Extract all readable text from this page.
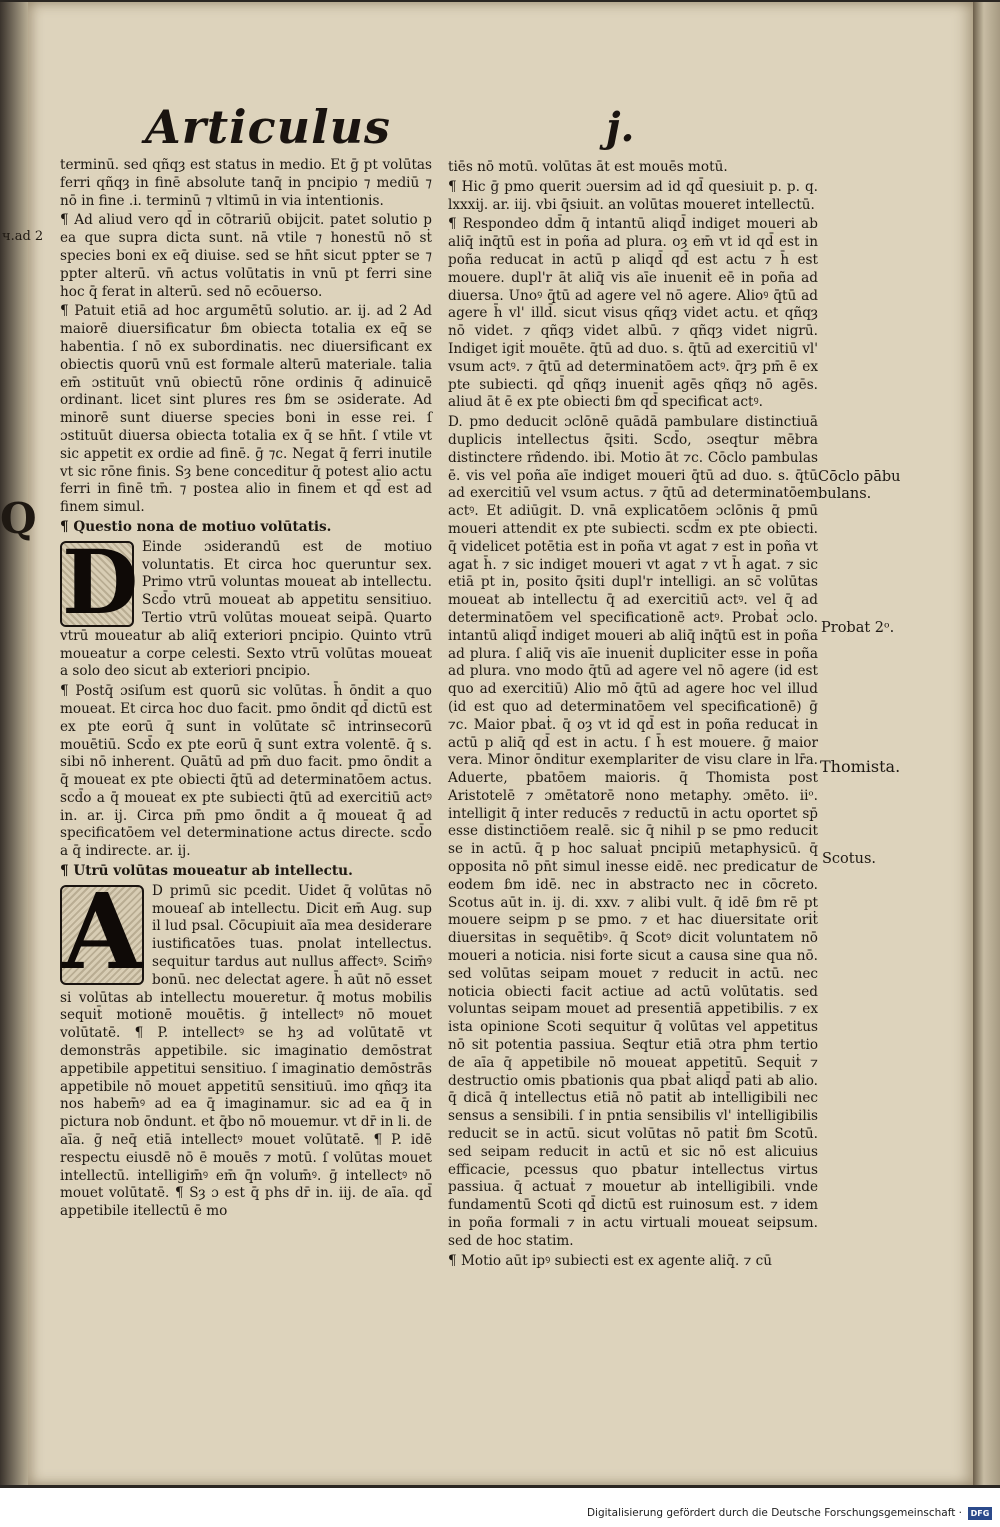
Articulus	j.
ч.ad 2
Q

terminū. sed qñqȝ est status in medio. Et ḡ pt volūtas ferri qñqȝ in finē absolute tanq̄ in pncipio ⁊ mediū ⁊ nō in fine .i. terminū ⁊ vltimū in via intentionis.

¶ Ad aliud vero qd̄ in cōtrariū obijcit. patet solutio p ea que supra dicta sunt. nā vtile ⁊ honestū nō sṫ species boni ex eq̄ diuise. sed se hn̄t sicut ppter se ⁊ ppter alterū. vn̄ actus volūtatis in vnū pt ferri sine hoc q̄ ferat in alterū. sed nō ecōuerso.

¶ Patuit etiā ad hoc argumētū solutio. ar. ij. ad 2 Ad maiorē diuersificatur ɓm obiecta totalia ex eq̄ se habentia. ſ nō ex subordinatis. nec diuersificant ex obiectis quorū vnū est formale alterū materiale. talia em̄ ɔstituūt vnū obiectū rōne ordinis q̄ adinuicē ordinant. licet sint plures res ɓm se ɔsiderate. Ad minorē sunt diuerse species boni in esse rei. ſ ɔstituūt diuersa obiecta totalia ex q̄ se hn̄t. ſ vtile vt sic appetit ex ordie ad finē. ḡ ⁊c. Negat q̄ ferri inutile vt sic rōne finis. Sȝ bene conceditur q̄ potest alio actu ferri in finē tm̄. ⁊ postea alio in finem et qd̄ est ad finem simul.

¶ Questio nona de motiuo volūtatis.

D Einde ɔsiderandū est de motiuo voluntatis. Et circa hoc queruntur sex. Primo vtrū voluntas moueat ab intellectu. Scd̄o vtrū moueat ab appetitu sensitiuo. Tertio vtrū volūtas moueat seipā. Quarto vtrū moueatur ab aliq̄ exteriori pncipio. Quinto vtrū moueatur a corpe celesti. Sexto vtrū volūtas moueat a solo deo sicut ab exteriori pncipio.

¶ Postq̄ ɔsiſum est quorū sic volūtas. h̄ ōndit a quo moueat. Et circa hoc duo facit. pmo ōndit qd̄ dictū est ex pte eorū q̄ sunt in volūtate sc̄ intrinsecorū mouētiū. Scd̄o ex pte eorū q̄ sunt extra volentē. q̄ s. sibi nō inherent. Quātū ad pm̄ duo facit. pmo ōndit a q̄ moueat ex pte obiecti q̄tū ad determinatōem actus. scd̄o a q̄ moueat ex pte subiecti q̄tū ad exercitiū actꝰ in. ar. ij. Circa pm̄ pmo ōndit a q̄ moueat q̄ ad specificatōem vel determinatione actus directe. scd̄o a q̄ indirecte. ar. ij.

¶ Utrū volūtas moueatur ab intellectu.

A D primū sic pcedit. Uidet q̄ volūtas nō moueaſ ab intellectu. Dicit em̄ Aug. sup il lud psal. Cōcupiuit aīa mea desiderare iustificatōes tuas. pnolat intellectus. sequitur tardus aut nullus affectꝰ. Scim̄ꝰ bonū. nec delectat agere. h̄ aūt nō esset si volūtas ab intellectu moueretur. q̄ motus mobilis sequit̄ motionē mouētis. ḡ intellectꝰ nō mouet volūtatē. ¶ P. intellectꝰ se hȝ ad volūtatē vt demonstrās appetibile. sic imaginatio demōstrat appetibile appetitui sensitiuo. ſ imaginatio demōstrās appetibile nō mouet appetitū sensitiuū. imo qñqȝ ita nos habem̄ꝰ ad ea q̄ imaginamur. sic ad ea q̄ in pictura nob ōndunt. et q̄bo nō mouemur. vt dr̄ in li. de aīa. ḡ neq̄ etiā intellectꝰ mouet volūtatē. ¶ P. idē respectu eiusdē nō ē mouēs ⁊ motū. ſ volūtas mouet intellectū. intelligim̄ꝰ em̄ q̄n volum̄ꝰ. ḡ intellectꝰ nō mouet volūtatē. ¶ Sȝ ɔ est q̄ phs dr̄ in. iij. de aīa. qd̄ appetibile itellectū ē mo

tiēs nō motū. volūtas āt est mouēs motū.

¶ Hic ḡ pmo querit ɔuersim ad id qd̄ quesiuit p. p. q. lxxxij. ar. iij. vbi q̄siuit. an volūtas moueret intellectū.

¶ Respondeo dd̄m q̄ intantū aliqd̄ indiget moueri ab aliq̄ inq̄tū est in poña ad plura. oȝ em̄ vt id qd̄ est in poña reducat in actū p aliqd̄ qd̄ est actu ⁊ h̄ est mouere. dupl'r āt aliq̄ vis aīe inueniṫ eē in poña ad diuersa. Unoꝰ q̄tū ad agere vel nō agere. Alioꝰ q̄tū ad agere h̄ vl' illd̄. sicut visus qñqȝ videt actu. et qñqȝ nō videt. ⁊ qñqȝ videt albū. ⁊ qñqȝ videt nigrū. Indiget igiṫ mouēte. q̄tū ad duo. s. q̄tū ad exercitiū vl' vsum actꝰ. ⁊ q̄tū ad determinatōem actꝰ. q̄rȝ pm̄ ē ex pte subiecti. qd̄ qñqȝ inueniṫ agēs qñqȝ nō agēs. aliud āt ē ex pte obiecti ɓm qd̄ specificat actꝰ.

D. pmo deducit ɔclōnē quādā pambulare distinctiuā duplicis intellectus q̄siti. Scd̄o, ɔseqtur mēbra distinctere rñdendo. ibi. Motio āt ⁊c. Cōclo pambulas ē. vis vel poña aīe indiget moueri q̄tū ad duo. s. q̄tū ad exercitiū vel vsum actus. ⁊ q̄tū ad determinatōem actꝰ. Et adiūgit. D. vnā explicatōem ɔclōnis q̄ pmū moueri attendit ex pte subiecti. scd̄m ex pte obiecti. q̄ videlicet potētia est in poña vt agat ⁊ est in poña vt agat h̄. ⁊ sic indiget moueri vt agat ⁊ vt h̄ agat. ⁊ sic etiā pt in, posito q̄siti dupl'r intelligi. an sc̄ volūtas moueat ab intellectu q̄ ad exercitiū actꝰ. vel q̄ ad determinatōem vel specificationē actꝰ. Probaṫ ɔclo. intantū aliqd̄ indiget moueri ab aliq̄ inq̄tū est in poña ad plura. ſ aliq̄ vis aīe inueniṫ dupliciter esse in poña ad plura. vno modo q̄tū ad agere vel nō agere (id est quo ad exercitiū) Alio mō q̄tū ad agere hoc vel illud (id est quo ad determinatōem vel specificationē) ḡ ⁊c. Maior pbaṫ. q̄ oȝ vt id qd̄ est in poña reducaṫ in actū p aliq̄ qd̄ est in actu. ſ h̄ est mouere. ḡ maior vera. Minor ōnditur exemplariter de visu clare in lr̄a. Aduerte, pbatōem maioris. q̄ Thomista post Aristotelē ⁊ ɔmētatorē nono metaphy. ɔmēto. iiᵒ. intelligit q̄ inter reducēs ⁊ reductū in actu oportet sp̄ esse distinctiōem realē. sic q̄ nihil p se pmo reducit se in actū. q̄ p hoc saluaṫ pncipiū metaphysicū. q̄ opposita nō pn̄t simul inesse eidē. nec predicatur de eodem ɓm idē. nec in abstracto nec in cōcreto. Scotus aūt in. ij. di. xxv. ⁊ alibi vult. q̄ idē ɓm rē pt mouere seipm p se pmo. ⁊ et hac diuersitate oriṫ diuersitas in sequētibꝰ. q̄ Scotꝰ dicit voluntatem nō moueri a noticia. nisi forte sicut a causa sine qua nō. sed volūtas seipam mouet ⁊ reducit in actū. nec noticia obiecti facit actiue ad actū volūtatis. sed voluntas seipam mouet ad presentiā appetibilis. ⁊ ex ista opinione Scoti sequitur q̄ volūtas vel appetitus nō sit potentia passiua. Seqtur etiā ɔtra phm tertio de aīa q̄ appetibile nō moueat appetitū. Sequiṫ ⁊ destructio omis pbationis qua pbaṫ aliqd̄ pati ab alio. q̄ dicā q̄ intellectus etiā nō patiṫ ab intelligibili nec sensus a sensibili. ſ in pntia sensibilis vl' intelligibilis reducit se in actū. sicut volūtas nō patiṫ ɓm Scotū. sed seipam reducit in actū et sic nō est alicuius efficacie, pcessus quo pbatur intellectus virtus passiua. q̄ actuaṫ ⁊ mouetur ab intelligibili. vnde fundamentū Scoti qd̄ dictū est ruinosum est. ⁊ idem in poña formali ⁊ in actu virtuali moueat seipsum. sed de hoc statim.

¶ Motio aūt ipꝰ subiecti est ex agente aliq̄. ⁊ cū

Cōclo pābu bulans.
Probat 2ᵒ.
Thomista.
Scotus.
Digitalisierung gefördert durch die Deutsche Forschungsgemeinschaft ·	DFG
